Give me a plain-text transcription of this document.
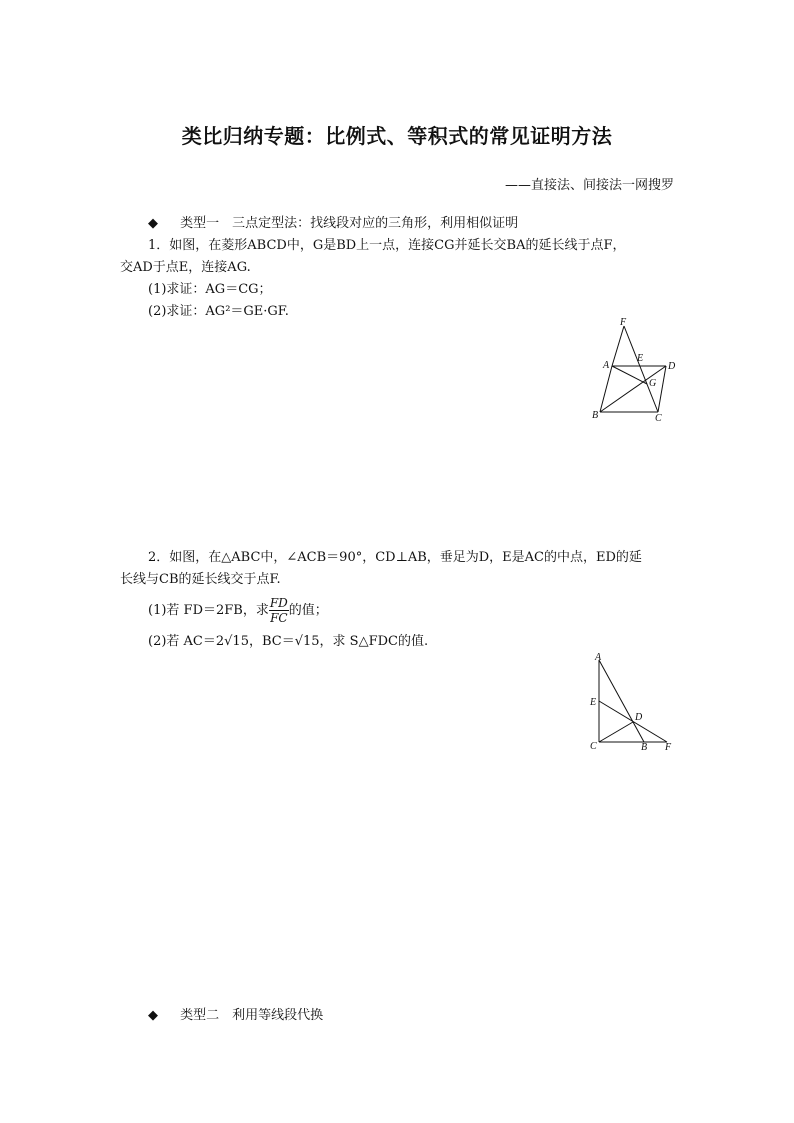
类比归纳专题：比例式、等积式的常见证明方法
——直接法、间接法一网搜罗
◆ 类型一　三点定型法：找线段对应的三角形，利用相似证明
1．如图，在菱形ABCD中，G是BD上一点，连接CG并延长交BA的延长线于点F，
交AD于点E，连接AG.
(1)求证：AG＝CG；
(2)求证：AG²＝GE·GF.
F
A
E
D
G
B	C
2．如图，在△ABC中，∠ACB＝90°，CD⊥AB，垂足为D，E是AC的中点，ED的延
长线与CB的延长线交于点F.
(1)若 FD＝2FB，求 $\frac{FD}{FC}$ 的值；
(2)若 AC＝2√15，BC＝√15，求 S△FDC的值.
A
E
D
C	B F
◆ 类型二　利用等线段代换
